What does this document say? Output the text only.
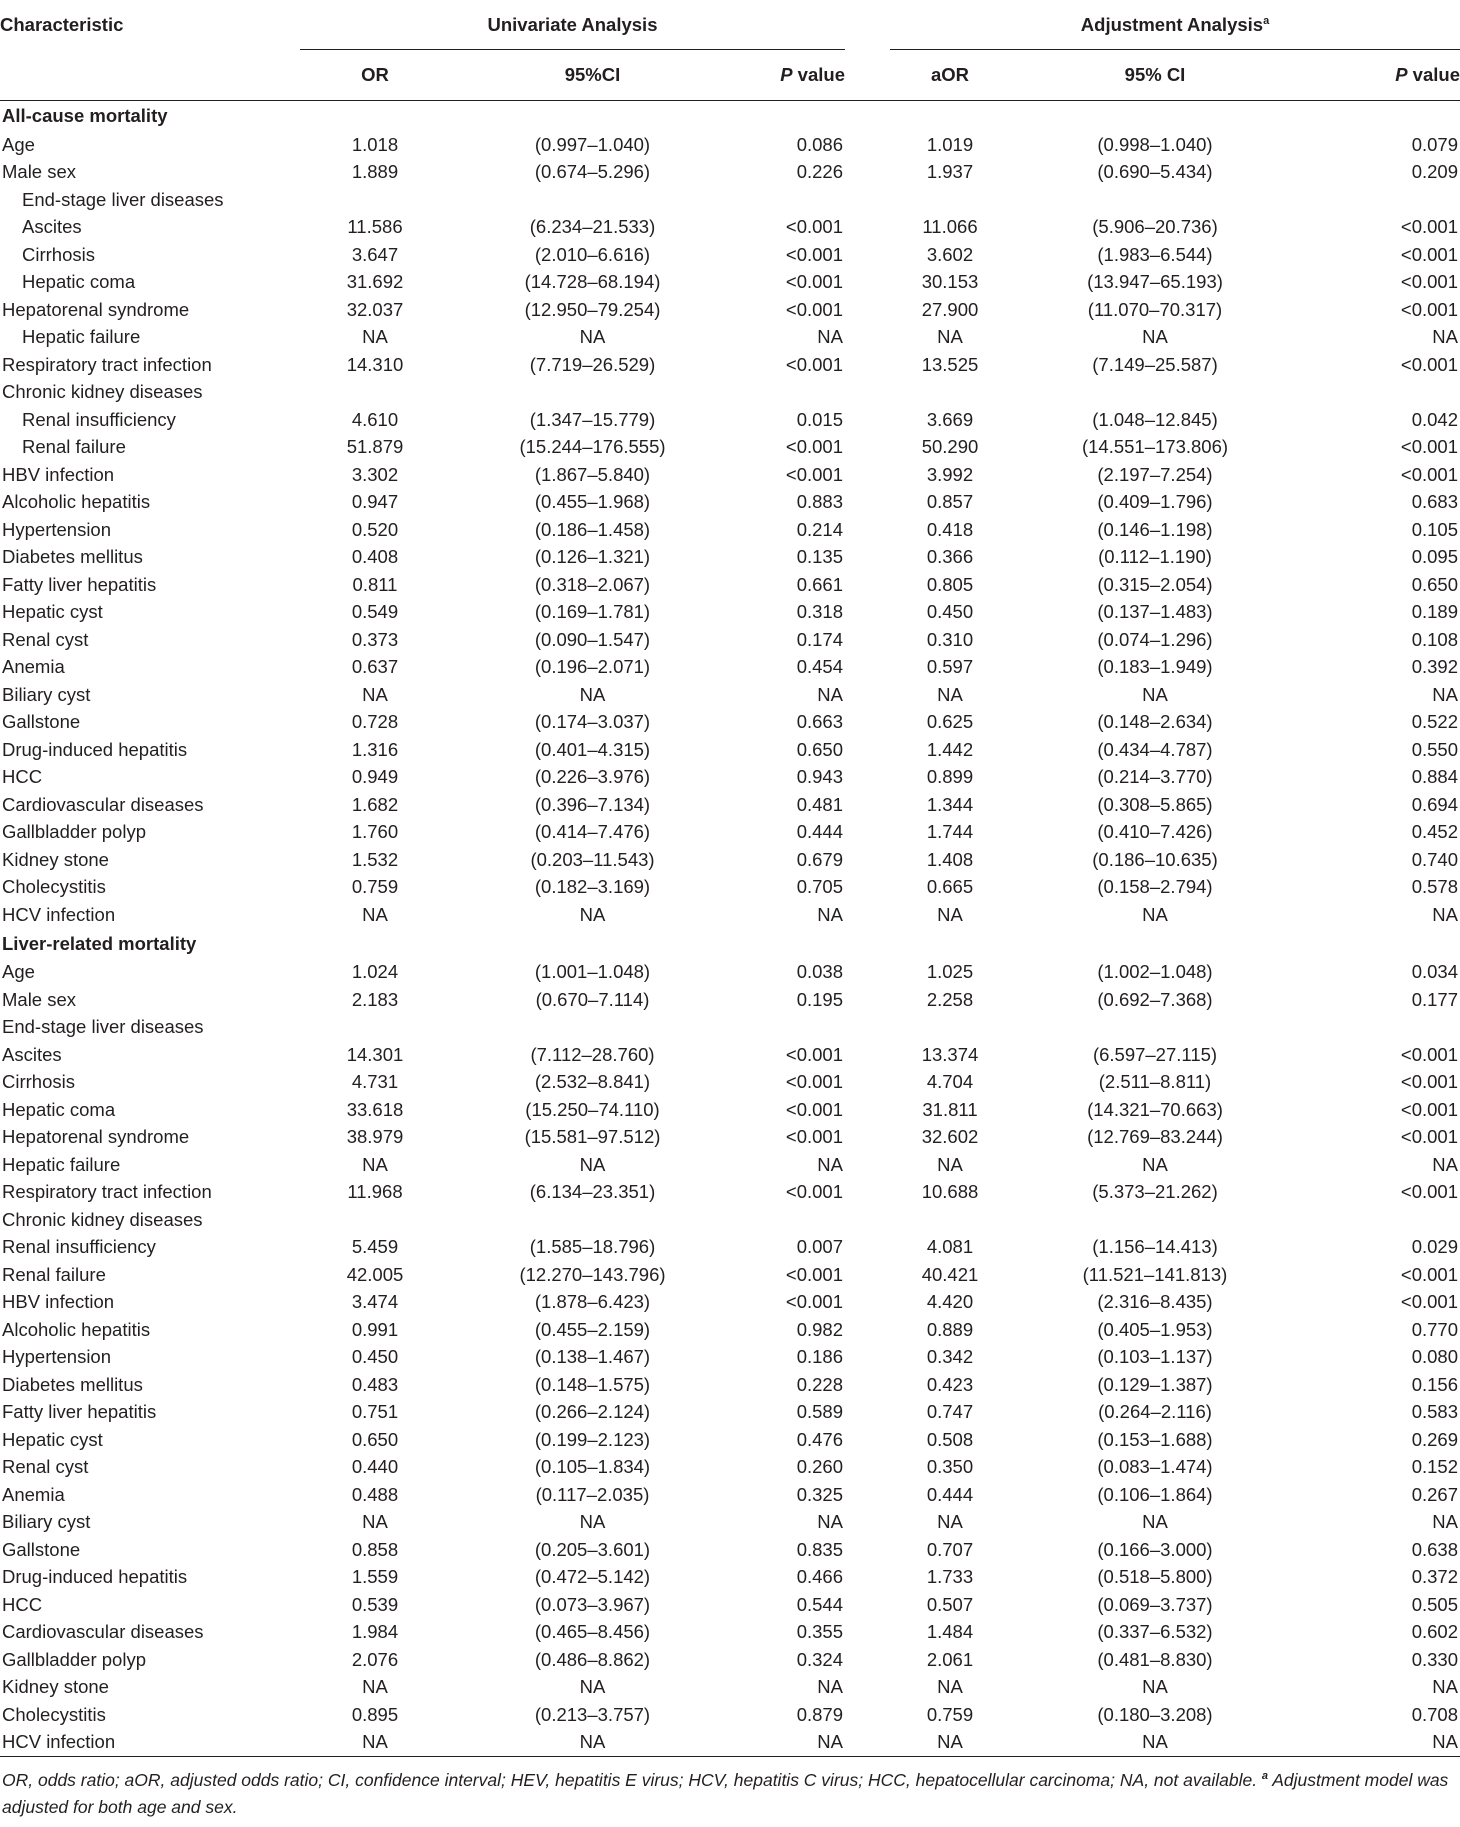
Characteristic	Univariate Analysis				Adjustment Analysis$^a$

	OR	95%CI	P value		aOR	95% CI	P value
All-cause mortality							
Age	1.018	(0.997–1.040)	0.086		1.019	(0.998–1.040)	0.079
Male sex	1.889	(0.674–5.296)	0.226		1.937	(0.690–5.434)	0.209
End-stage liver diseases							
Ascites	11.586	(6.234–21.533)	<0.001		11.066	(5.906–20.736)	<0.001
Cirrhosis	3.647	(2.010–6.616)	<0.001		3.602	(1.983–6.544)	<0.001
Hepatic coma	31.692	(14.728–68.194)	<0.001		30.153	(13.947–65.193)	<0.001
Hepatorenal syndrome	32.037	(12.950–79.254)	<0.001		27.900	(11.070–70.317)	<0.001
Hepatic failure	NA	NA	NA		NA	NA	NA
Respiratory tract infection	14.310	(7.719–26.529)	<0.001		13.525	(7.149–25.587)	<0.001
Chronic kidney diseases							
Renal insufficiency	4.610	(1.347–15.779)	0.015		3.669	(1.048–12.845)	0.042
Renal failure	51.879	(15.244–176.555)	<0.001		50.290	(14.551–173.806)	<0.001
HBV infection	3.302	(1.867–5.840)	<0.001		3.992	(2.197–7.254)	<0.001
Alcoholic hepatitis	0.947	(0.455–1.968)	0.883		0.857	(0.409–1.796)	0.683
Hypertension	0.520	(0.186–1.458)	0.214		0.418	(0.146–1.198)	0.105
Diabetes mellitus	0.408	(0.126–1.321)	0.135		0.366	(0.112–1.190)	0.095
Fatty liver hepatitis	0.811	(0.318–2.067)	0.661		0.805	(0.315–2.054)	0.650
Hepatic cyst	0.549	(0.169–1.781)	0.318		0.450	(0.137–1.483)	0.189
Renal cyst	0.373	(0.090–1.547)	0.174		0.310	(0.074–1.296)	0.108
Anemia	0.637	(0.196–2.071)	0.454		0.597	(0.183–1.949)	0.392
Biliary cyst	NA	NA	NA		NA	NA	NA
Gallstone	0.728	(0.174–3.037)	0.663		0.625	(0.148–2.634)	0.522
Drug-induced hepatitis	1.316	(0.401–4.315)	0.650		1.442	(0.434–4.787)	0.550
HCC	0.949	(0.226–3.976)	0.943		0.899	(0.214–3.770)	0.884
Cardiovascular diseases	1.682	(0.396–7.134)	0.481		1.344	(0.308–5.865)	0.694
Gallbladder polyp	1.760	(0.414–7.476)	0.444		1.744	(0.410–7.426)	0.452
Kidney stone	1.532	(0.203–11.543)	0.679		1.408	(0.186–10.635)	0.740
Cholecystitis	0.759	(0.182–3.169)	0.705		0.665	(0.158–2.794)	0.578
HCV infection	NA	NA	NA		NA	NA	NA
Liver-related mortality							
Age	1.024	(1.001–1.048)	0.038		1.025	(1.002–1.048)	0.034
Male sex	2.183	(0.670–7.114)	0.195		2.258	(0.692–7.368)	0.177
End-stage liver diseases							
Ascites	14.301	(7.112–28.760)	<0.001		13.374	(6.597–27.115)	<0.001
Cirrhosis	4.731	(2.532–8.841)	<0.001		4.704	(2.511–8.811)	<0.001
Hepatic coma	33.618	(15.250–74.110)	<0.001		31.811	(14.321–70.663)	<0.001
Hepatorenal syndrome	38.979	(15.581–97.512)	<0.001		32.602	(12.769–83.244)	<0.001
Hepatic failure	NA	NA	NA		NA	NA	NA
Respiratory tract infection	11.968	(6.134–23.351)	<0.001		10.688	(5.373–21.262)	<0.001
Chronic kidney diseases							
Renal insufficiency	5.459	(1.585–18.796)	0.007		4.081	(1.156–14.413)	0.029
Renal failure	42.005	(12.270–143.796)	<0.001		40.421	(11.521–141.813)	<0.001
HBV infection	3.474	(1.878–6.423)	<0.001		4.420	(2.316–8.435)	<0.001
Alcoholic hepatitis	0.991	(0.455–2.159)	0.982		0.889	(0.405–1.953)	0.770
Hypertension	0.450	(0.138–1.467)	0.186		0.342	(0.103–1.137)	0.080
Diabetes mellitus	0.483	(0.148–1.575)	0.228		0.423	(0.129–1.387)	0.156
Fatty liver hepatitis	0.751	(0.266–2.124)	0.589		0.747	(0.264–2.116)	0.583
Hepatic cyst	0.650	(0.199–2.123)	0.476		0.508	(0.153–1.688)	0.269
Renal cyst	0.440	(0.105–1.834)	0.260		0.350	(0.083–1.474)	0.152
Anemia	0.488	(0.117–2.035)	0.325		0.444	(0.106–1.864)	0.267
Biliary cyst	NA	NA	NA		NA	NA	NA
Gallstone	0.858	(0.205–3.601)	0.835		0.707	(0.166–3.000)	0.638
Drug-induced hepatitis	1.559	(0.472–5.142)	0.466		1.733	(0.518–5.800)	0.372
HCC	0.539	(0.073–3.967)	0.544		0.507	(0.069–3.737)	0.505
Cardiovascular diseases	1.984	(0.465–8.456)	0.355		1.484	(0.337–6.532)	0.602
Gallbladder polyp	2.076	(0.486–8.862)	0.324		2.061	(0.481–8.830)	0.330
Kidney stone	NA	NA	NA		NA	NA	NA
Cholecystitis	0.895	(0.213–3.757)	0.879		0.759	(0.180–3.208)	0.708
HCV infection	NA	NA	NA		NA	NA	NA
OR, odds ratio; aOR, adjusted odds ratio; CI, confidence interval; HEV, hepatitis E virus; HCV, hepatitis C virus; HCC, hepatocellular carcinoma; NA, not available. $^a$ Adjustment model was adjusted for both age and sex.
